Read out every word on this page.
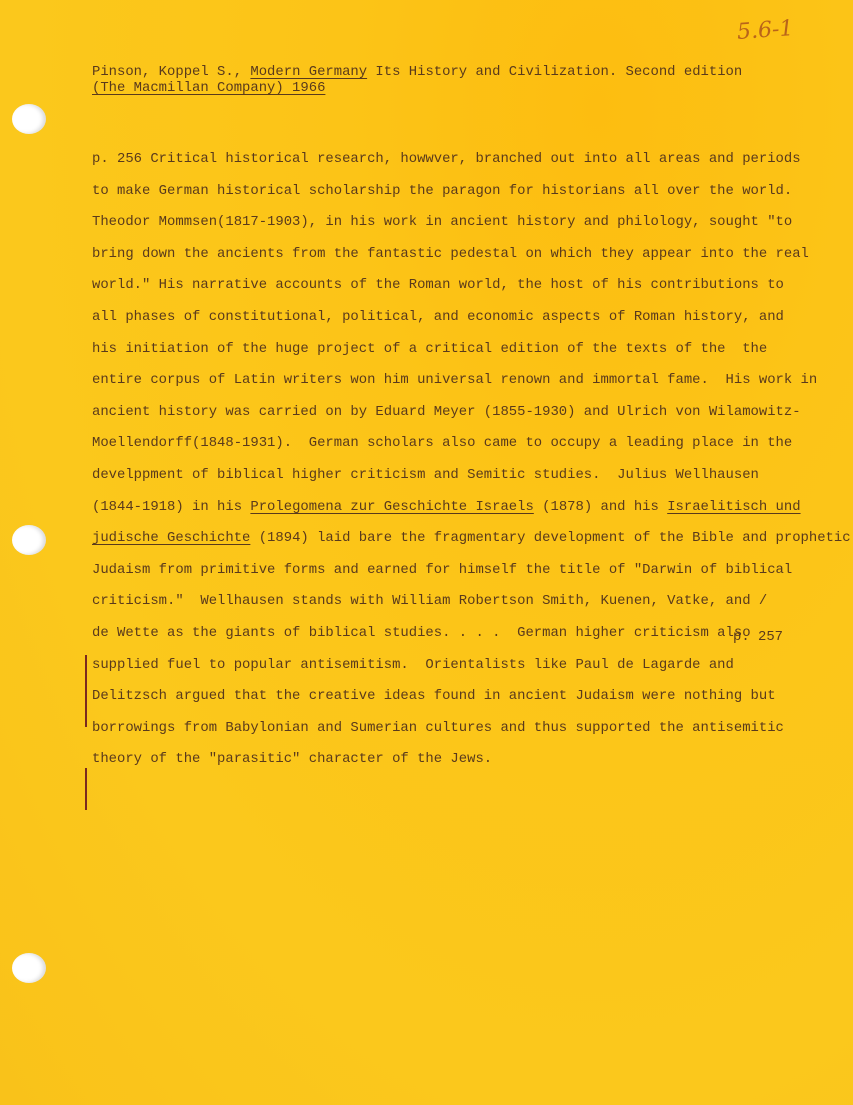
5.6-1
Pinson, Koppel S., Modern Germany Its History and Civilization. Second edition
(The Macmillan Company) 1966
p. 256 Critical historical research, howwver, branched out into all areas and periods
to make German historical scholarship the paragon for historians all over the world.
Theodor Mommsen(1817-1903), in his work in ancient history and philology, sought "to
bring down the ancients from the fantastic pedestal on which they appear into the real
world." His narrative accounts of the Roman world, the host of his contributions to
all phases of constitutional, political, and economic aspects of Roman history, and
his initiation of the huge project of a critical edition of the texts of the  the
entire corpus of Latin writers won him universal renown and immortal fame.  His work in
ancient history was carried on by Eduard Meyer (1855-1930) and Ulrich von Wilamowitz-
Moellendorff(1848-1931).  German scholars also came to occupy a leading place in the
develppment of biblical higher criticism and Semitic studies.  Julius Wellhausen
(1844-1918) in his Prolegomena zur Geschichte Israels (1878) and his Israelitisch und
judische Geschichte (1894) laid bare the fragmentary development of the Bible and prophetic
Judaism from primitive forms and earned for himself the title of "Darwin of biblical
criticism."  Wellhausen stands with William Robertson Smith, Kuenen, Vatke, and /
de Wette as the giants of biblical studies. . . .  German higher criticism also
supplied fuel to popular antisemitism.  Orientalists like Paul de Lagarde and
Delitzsch argued that the creative ideas found in ancient Judaism were nothing but
borrowings from Babylonian and Sumerian cultures and thus supported the antisemitic
theory of the "parasitic" character of the Jews.
p. 257
